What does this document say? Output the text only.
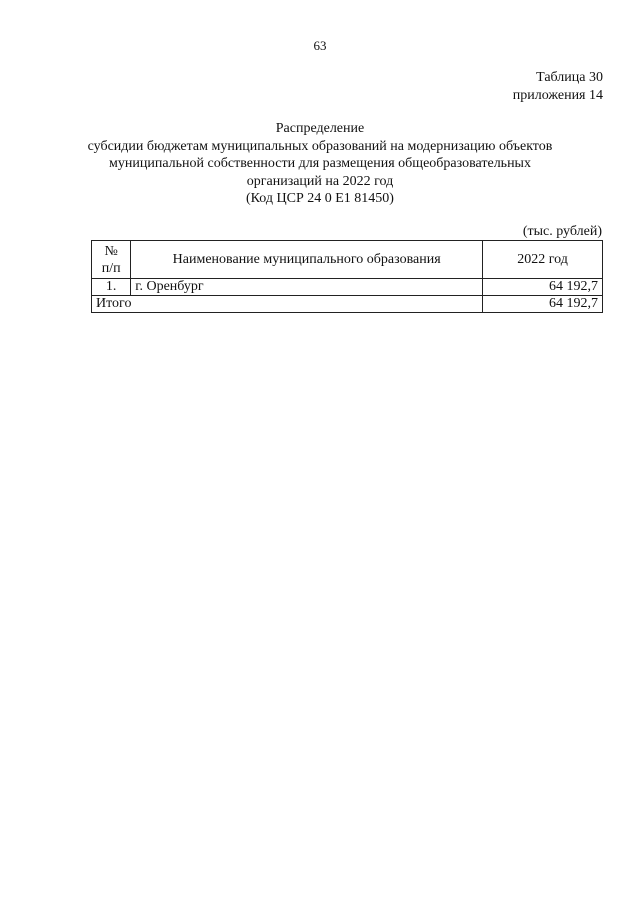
63
Таблица 30
приложения 14
Распределение
субсидии бюджетам муниципальных образований на модернизацию объектов
муниципальной собственности для размещения общеобразовательных
организаций на 2022 год
(Код ЦСР 24 0 Е1 81450)
(тыс. рублей)
№
п/п	Наименование муниципального образования	2022 год
1.	г. Оренбург	64 192,7
Итого		64 192,7
